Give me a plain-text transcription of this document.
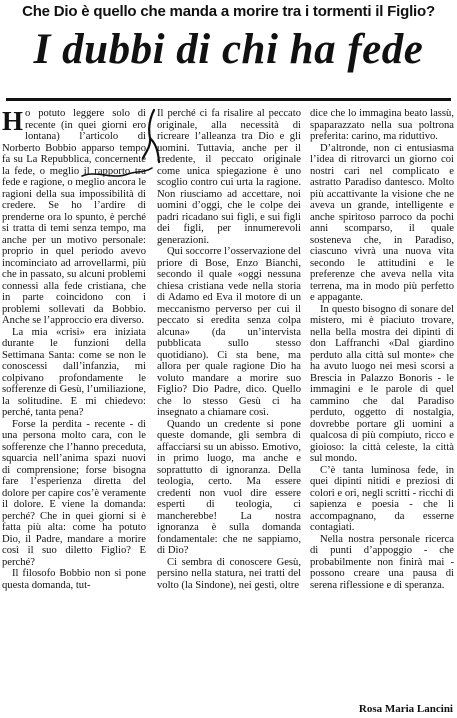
Che Dio è quello che manda a morire tra i tormenti il Figlio?
I dubbi di chi ha fede

Ho potuto leggere solo di recente (in quei giorni ero lontana) l’articolo di Norberto Bobbio apparso tempo fa su La Repubblica, concernente la fede, o meglio il rapporto tra fede e ragione, o meglio ancora le ragioni della sua impossibilità di credere. Se ho l’ardire di prenderne ora lo spunto, è perché si tratta di temi senza tempo, ma anche per un motivo personale: proprio in quel periodo avevo incominciato ad arrovellarmi, più che in passato, su alcuni problemi connessi alla fede cristiana, che in parte coincidono con i problemi sollevati da Bobbio. Anche se l’approccio era diverso.

La mia «crisi» era iniziata durante le funzioni della Settimana Santa: come se non le conoscessi dall’infanzia, mi colpivano profondamente le sofferenze di Gesù, l’umiliazione, la solitudine. E mi chiedevo: perché, tanta pena?

Forse la perdita - recente - di una persona molto cara, con le sofferenze che l’hanno preceduta, squarcia nell’anima spazi nuovi di comprensione; forse bisogna fare l’esperienza diretta del dolore per capire cos’è veramente il dolore. E viene la domanda: perché? Che in quei giorni si è fatta più alta: come ha potuto Dio, il Padre, mandare a morire così il suo diletto Figlio? E perché?

Il filosofo Bobbio non si pone questa domanda, tut-

Il perché ci fa risalire al peccato originale, alla necessità di ricreare l’alleanza tra Dio e gli uomini. Tuttavia, anche per il credente, il peccato originale come unica spiegazione è uno scoglio contro cui urta la ragione. Non riusciamo ad accettare, noi uomini d’oggi, che le colpe dei padri ricadano sui figli, e sui figli dei figli, per innumerevoli generazioni.

Qui soccorre l’osservazione del priore di Bose, Enzo Bianchi, secondo il quale «oggi nessuna chiesa cristiana vede nella storia di Adamo ed Eva il motore di un meccanismo perverso per cui il peccato si eredita senza colpa alcuna» (da un’intervista pubblicata sullo stesso quotidiano). Ci sta bene, ma allora per quale ragione Dio ha voluto mandare a morire suo Figlio? Dio Padre, dico. Quello che lo stesso Gesù ci ha insegnato a chiamare così.

Quando un credente si pone queste domande, gli sembra di affacciarsi su un abisso. Emotivo, in primo luogo, ma anche e soprattutto di ignoranza. Della teologia, certo. Ma essere credenti non vuol dire essere esperti di teologia, ci mancherebbe! La nostra ignoranza è sulla domanda fondamentale: che ne sappiamo, di Dio?

Ci sembra di conoscere Gesù, persino nella statura, nei tratti del volto (la Sindone), nei gesti, oltre

dice che lo immagina beato lassù, spaparazzato nella sua poltrona preferita: carino, ma riduttivo.

D’altronde, non ci entusiasma l’idea di ritrovarci un giorno coi nostri cari nel complicato e astratto Paradiso dantesco. Molto più accattivante la visione che ne aveva un grande, intelligente e anche spiritoso parroco da pochi anni scomparso, il quale sosteneva che, in Paradiso, ciascuno vivrà una nuova vita secondo le attitudini e le preferenze che aveva nella vita terrena, ma in modo più perfetto e appagante.

In questo bisogno di sonare del mistero, mi è piaciuto trovare, nella bella mostra dei dipinti di don Laffranchi «Dal giardino perduto alla città sul monte» che ha avuto luogo nei mesi scorsi a Brescia in Palazzo Bonoris - le immagini e le parole di quel cammino che dal Paradiso perduto, oggetto di nostalgia, dovrebbe portare gli uomini a qualcosa di più compiuto, ricco e gioioso: la città celeste, la città sul mondo.

C’è tanta luminosa fede, in quei dipinti nitidi e preziosi di colori e ori, negli scritti - ricchi di sapienza e poesia - che li accompagnano, da esserne contagiati.

Nella nostra personale ricerca di punti d’appoggio - che probabilmente non finirà mai - possono creare una pausa di serena riflessione e di speranza.

Rosa Maria Lancini
